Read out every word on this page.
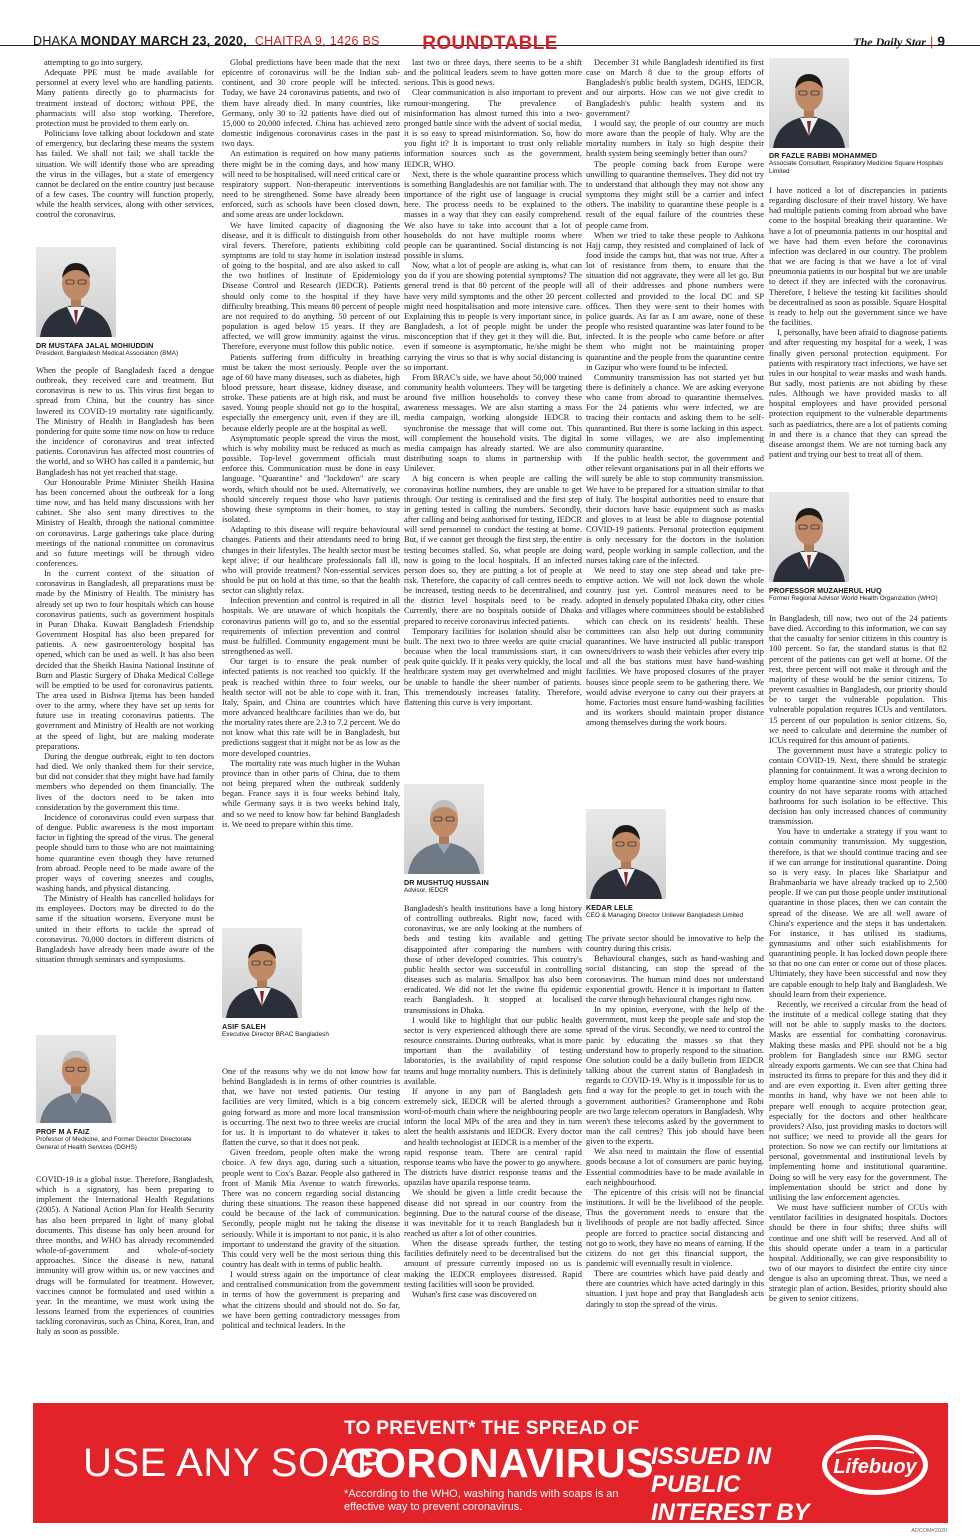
DHAKA MONDAY MARCH 23, 2020, CHAITRA 9, 1426 BS	ROUNDTABLE	The Daily Star | 9

attempting to go into surgery.

Adequate PPE must be made available for personnel at every level who are handling patients. Many patients directly go to pharmacists for treatment instead of doctors; without PPE, the pharmacists will also stop working. Therefore, protection must be provided to them early on.

Politicians love talking about lockdown and state of emergency, but declaring these means the system has failed. We shall not fail; we shall tackle the situation. We will identify those who are spreading the virus in the villages, but a state of emergency cannot be declared on the entire country just because of a few cases. The country will function properly, while the health services, along with other services, control the coronavirus.

DR MUSTAFA JALAL MOHIUDDIN
President, Bangladesh Medical Association (BMA)

When the people of Bangladesh faced a dengue outbreak, they received care and treatment. But coronavirus is new to us. This virus first began to spread from China, but the country has since lowered its COVID-19 mortality rate significantly. The Ministry of Health in Bangladesh has been pondering for quite some time now on how to reduce the incidence of coronavirus and treat infected patients. Coronavirus has affected most countries of the world, and so WHO has called it a pandemic, but Bangladesh has not yet reached that stage.

Our Honourable Prime Minister Sheikh Hasina has been concerned about the outbreak for a long time now, and has held many discussions with her cabinet. She also sent many directives to the Ministry of Health, through the national committee on coronavirus. Large gatherings take place during meetings of the national committee on coronavirus and so future meetings will be through video conferences.

In the current context of the situation of coronavirus in Bangladesh, all preparations must be made by the Ministry of Health. The ministry has already set up two to four hospitals which can house coronavirus patients, such as government hospitals in Puran Dhaka. Kuwait Bangladesh Friendship Government Hospital has also been prepared for patients. A new gastroenterology hospital has opened, which can be used as well. It has also been decided that the Sheikh Hasina National Institute of Burn and Plastic Surgery of Dhaka Medical College will be emptied to be used for coronavirus patients. The area used in Bishwa Ijtema has been handed over to the army, where they have set up tents for future use in treating coronavirus patients. The government and Ministry of Health are not working at the speed of light, but are making moderate preparations.

During the dengue outbreak, eight to ten doctors had died. We only thanked them for their service, but did not consider that they might have had family members who depended on them financially. The lives of the doctors need to be taken into consideration by the government this time.

Incidence of coronavirus could even surpass that of dengue. Public awareness is the most important factor in fighting the spread of the virus. The general people should turn to those who are not maintaining home quarantine even though they have returned from abroad. People need to be made aware of the proper ways of covering sneezes and coughs, washing hands, and physical distancing.

The Ministry of Health has cancelled holidays for its employees. Doctors may be directed to do the same if the situation worsens. Everyone must be united in their efforts to tackle the spread of coronavirus. 70,000 doctors in different districts of Bangladesh have already been made aware of the situation through seminars and symposiums.

PROF M A FAIZ
Professor of Medicine, and Former Director Directorate General of Health Services (DGHS)

COVID-19 is a global issue. Therefore, Bangladesh, which is a signatory, has been preparing to implement the International Health Regulations (2005). A National Action Plan for Health Security has also been prepared in light of many global documents. This disease has only been around for three months, and WHO has already recommended whole-of-government and whole-of-society approaches. Since the disease is new, natural immunity will grow within us, or new vaccines and drugs will be formulated for treatment. However, vaccines cannot be formulated and used within a year. In the meantime, we must work using the lessons learned from the experiences of countries tackling coronavirus, such as China, Korea, Iran, and Italy as soon as possible.

Global predictions have been made that the next epicentre of coronavirus will be the Indian sub-continent, and 30 crore people will be infected. Today, we have 24 coronavirus patients, and two of them have already died. In many countries, like Germany, only 30 to 32 patients have died out of 15,000 to 20,000 infected. China has achieved zero domestic indigenous coronavirus cases in the past two days.

An estimation is required on how many patients there might be in the coming days, and how many will need to be hospitalised, will need critical care or respiratory support. Non-therapeutic interventions need to be strengthened. Some have already been enforced, such as schools have been closed down, and some areas are under lockdown.

We have limited capacity of diagnosing the disease, and it is difficult to distinguish from other viral fevers. Therefore, patients exhibiting cold symptoms are told to stay home in isolation instead of going to the hospital, and are also asked to call the two hotlines of Institute of Epidemiology Disease Control and Research (IEDCR). Patients should only come to the hospital if they have difficulty breathing. This means 80 percent of people are not required to do anything. 50 percent of our population is aged below 15 years. If they are affected, we will grow immunity against the virus. Therefore, everyone must follow this public notice.

Patients suffering from difficulty in breathing must be taken the most seriously. People over the age of 60 have many diseases, such as diabetes, high blood pressure, heart disease, kidney disease, and stroke. These patients are at high risk, and must be saved. Young people should not go to the hospital, especially the emergency unit, even if they are ill, because elderly people are at the hospital as well.

Asymptomatic people spread the virus the most, which is why mobility must be reduced as much as possible. Top-level government officials must enforce this. Communication must be done in easy language. "Quarantine" and "lockdown" are scary words, which should not be used. Alternatively, we should sincerely request those who have patients showing these symptoms in their homes, to stay isolated.

Adapting to this disease will require behavioural changes. Patients and their attendants need to bring changes in their lifestyles. The health sector must be kept alive; if our healthcare professionals fall ill, who will provide treatment? Non-essential services should be put on hold at this time, so that the health sector can slightly relax.

Infection prevention and control is required in all hospitals. We are unaware of which hospitals the coronavirus patients will go to, and so the essential requirements of infection prevention and control must be fulfilled. Community engagement must be strengthened as well.

Our target is to ensure the peak number of infected patients is not reached too quickly. If the peak is reached within three to four weeks, our health sector will not be able to cope with it. Iran, Italy, Spain, and China are countries which have more advanced healthcare facilities than we do, but the mortality rates there are 2.3 to 7.2 percent. We do not know what this rate will be in Bangladesh, but predictions suggest that it might not be as low as the more developed countries.

The mortality rate was much higher in the Wuhan province than in other parts of China, due to them not being prepared when the outbreak suddenly began. France says it is four weeks behind Italy, while Germany says it is two weeks behind Italy, and so we need to know how far behind Bangladesh is. We need to prepare within this time.

ASIF SALEH
Executive Director BRAC Bangladesh

One of the reasons why we do not know how far behind Bangladesh is in terms of other countries is that, we have not tested patients. Our testing facilities are very limited, which is a big concern going forward as more and more local transmission is occurring. The next two to three weeks are crucial for us. It is important to do whatever it takes to flatten the curve, so that it does not peak.

Given freedom, people often make the wrong choice. A few days ago, during such a situation, people went to Cox's Bazar. People also gathered in front of Manik Mia Avenue to watch fireworks. There was no concern regarding social distancing during these situations. The reason these happened could be because of the lack of communication. Secondly, people might not be taking the disease seriously. While it is important to not panic, it is also important to understand the gravity of the situation. This could very well be the most serious thing this country has dealt with in terms of public health.

I would stress again on the importance of clear and centralised communication from the government in terms of how the government is preparing and what the citizens should and should not do. So far, we have been getting contradictory messages from political and technical leaders. In the

last two or three days, there seems to be a shift and the political leaders seem to have gotten more serious. This is good news.

Clear communication is also important to prevent rumour-mongering. The prevalence of misinformation has almost turned this into a two-pronged battle since with the advent of social media, it is so easy to spread misinformation. So, how do you fight it? It is important to trust only reliable information sources such as the government, IEDCR, WHO.

Next, there is the whole quarantine process which is something Bangladeshis are not familiar with. The importance of the right use of language is crucial here. The process needs to be explained to the masses in a way that they can easily comprehend. We also have to take into account that a lot of households do not have multiple rooms where people can be quarantined. Social distancing is not possible in slums.

Now, what a lot of people are asking is, what can you do if you are showing potential symptoms? The general trend is that 80 percent of the people will have very mild symptoms and the other 20 percent might need hospitalisation and more intensive care. Explaining this to people is very important since, in Bangladesh, a lot of people might be under the misconception that if they get it they will die. But, even if someone is asymptomatic, he/she might be carrying the virus so that is why social distancing is so important.

From BRAC's side, we have about 50,000 trained community health volunteers. They will be targeting around five million households to convey these awareness messages. We are also starting a mass media campaign, working alongside IEDCR to synchronise the message that will come out. This will complement the household visits. The digital media campaign has already started. We are also distributing soaps to slums in partnership with Unilever.

A big concern is when people are calling the coronavirus hotline numbers, they are unable to get through. Our testing is centralised and the first step in getting tested is calling the numbers. Secondly, after calling and being authorised for testing, IEDCR will send personnel to conduct the testing at home. But, if we cannot get through the first step, the entire testing becomes stalled. So, what people are doing now is going to the local hospitals. If an infected person does so, they are putting a lot of people at risk. Therefore, the capacity of call centres needs to be increased, testing needs to be decentralised, and the district level hospitals need to be ready. Currently, there are no hospitals outside of Dhaka prepared to receive coronavirus infected patients.

Temporary facilities for isolation should also be built. The next two to three weeks are quite crucial because when the local transmissions start, it can peak quite quickly. If it peaks very quickly, the local healthcare system may get overwhelmed and might be unable to handle the sheer number of patients. This tremendously increases fatality. Therefore, flattening this curve is very important.

DR MUSHTUQ HUSSAIN
Advisor, IEDCR

Bangladesh's health institutions have a long history of controlling outbreaks. Right now, faced with coronavirus, we are only looking at the numbers of beds and testing kits available and getting disappointed after comparing the numbers with those of other developed countries. This country's public health sector was successful in controlling diseases such as malaria. Smallpox has also been eradicated. We did not let the swine flu epidemic reach Bangladesh. It stopped at localised transmissions in Dhaka.

I would like to highlight that our public health sector is very experienced although there are some resource constraints. During outbreaks, what is more important than the availability of testing laboratories, is the availability of rapid response teams and huge mortality numbers. This is definitely available.

If anyone in any part of Bangladesh gets extremely sick, IEDCR will be alerted through a word-of-mouth chain where the neighbouring people inform the local MPs of the area and they in turn alert the health assistants and IEDCR. Every doctor and health technologist at IEDCR is a member of the rapid response team. There are central rapid response teams who have the power to go anywhere. The districts have district response teams and the upazilas have upazila response teams.

We should be given a little credit because the disease did not spread in our country from the beginning. Due to the natural course of the disease, it was inevitable for it to reach Bangladesh but it reached us after a lot of other countries.

When the disease spreads further, the testing facilities definitely need to be decentralised but the amount of pressure currently imposed on us is making the IEDCR employees distressed. Rapid testing facilities will soon be provided.

Wuhan's first case was discovered on

December 31 while Bangladesh identified its first case on March 8 due to the group efforts of Bangladesh's public health system, DGHS, IEDCR, and our airports. How can we not give credit to Bangladesh's public health system and its government?

I would say, the people of our country are much more aware than the people of Italy. Why are the mortality numbers in Italy so high despite their health system being seemingly better than ours?

The people coming back from Europe were unwilling to quarantine themselves. They did not try to understand that although they may not show any symptoms they might still be a carrier and infect others. The inability to quarantine these people is a result of the equal failure of the countries these people came from.

When we tried to take these people to Ashkona Hajj camp, they resisted and complained of lack of food inside the camps but, that was not true. After a lot of resistance from them, to ensure that the situation did not aggravate, they were all let go. But all of their addresses and phone numbers were collected and provided to the local DC and SP offices. Then they were sent to their homes with police guards. As far as I am aware, none of these people who resisted quarantine was later found to be infected. It is the people who came before or after them who might not be maintaining proper quarantine and the people from the quarantine centre in Gazipur who were found to be infected.

Community transmission has not started yet but there is definitely a chance. We are asking everyone who came from abroad to quarantine themselves. For the 24 patients who were infected, we are tracing their contacts and asking them to be self-quarantined. But there is some lacking in this aspect. In some villages, we are also implementing community quarantine.

If the public health sector, the government and other relevant organisations put in all their efforts we will surely be able to stop community transmission. We have to be prepared for a situation similar to that of Italy. The hospital authorities need to ensure that their doctors have basic equipment such as masks and gloves to at least be able to diagnose potential COVID-19 patients. Personal protection equipment is only necessary for the doctors in the isolation ward, people working in sample collection, and the nurses taking care of the infected.

We need to stay one step ahead and take pre-emptive action. We will not lock down the whole country just yet. Control measures need to be adopted in densely populated Dhaka city, other cities and villages where committees should be established which can check on its residents' health. These committees can also help out during community quarantines. We have instructed all public transport owners/drivers to wash their vehicles after every trip and all the bus stations must have hand-washing facilities. We have proposed closures of the prayer houses since people seem to be gathering there. We would advise everyone to carry out their prayers at home. Factories must ensure hand-washing facilities and its workers should maintain proper distance among themselves during the work hours.

KEDAR LELE
CEO & Managing Director Unilever Bangladesh Limited

The private sector should be innovative to help the country during this crisis.

Behavioural changes, such as hand-washing and social distancing, can stop the spread of the coronavirus. The human mind does not understand exponential growth. Hence it is important to flatten the curve through behavioural changes right now.

In my opinion, everyone, with the help of the government, must keep the people safe and stop the spread of the virus. Secondly, we need to control the panic by educating the masses so that they understand how to properly respond to the situation. One solution could be a daily bulletin from IEDCR talking about the current status of Bangladesh in regards to COVID-19. Why is it impossible for us to find a way for the people to get in touch with the government authorities? Grameenphone and Robi are two large telecom operators in Bangladesh. Why weren't these telecoms asked by the government to man the call centres? This job should have been given to the experts.

We also need to maintain the flow of essential goods because a lot of consumers are panic buying. Essential commodities have to be made available in each neighbourhood.

The epicentre of this crisis will not be financial institutions. It will be the livelihood of the people. Thus the government needs to ensure that the livelihoods of people are not badly affected. Since people are forced to practice social distancing and not go to work, they have no means of earning. If the citizens do not get this financial support, the pandemic will eventually result in violence.

There are countries which have paid dearly and there are countries which have acted daringly in this situation. I just hope and pray that Bangladesh acts daringly to stop the spread of the virus.

DR FAZLE RABBI MOHAMMED
Associate Consultant, Respiratory Medicine Square Hospitals Limited

I have noticed a lot of discrepancies in patients regarding disclosure of their travel history. We have had multiple patients coming from abroad who have come to the hospital breaking their quarantine. We have a lot of pneumonia patients in our hospital and we have had them even before the coronavirus infection was declared in our country. The problem that we are facing is that we have a lot of viral pneumonia patients in our hospital but we are unable to detect if they are infected with the coronavirus. Therefore, I believe the testing kit facilities should be decentralised as soon as possible. Square Hospital is ready to help out the government since we have the facilities.

I, personally, have been afraid to diagnose patients and after requesting my hospital for a week, I was finally given personal protection equipment. For patients with respiratory tract infections, we have set rules in our hospital to wear masks and wash hands. But sadly, most patients are not abiding by these rules. Although we have provided masks to all hospital employees and have provided personal protection equipment to the vulnerable departments such as paediatrics, there are a lot of patients coming in and there is a chance that they can spread the disease amongst them. We are not turning back any patient and trying our best to treat all of them.

PROFESSOR MUZAHERUL HUQ
Former Regional Advisor World Health Organization (WHO)

In Bangladesh, till now, two out of the 24 patients have died. According to this information, we can say that the casualty for senior citizens in this country is 100 percent. So far, the standard status is that 82 percent of the patients can get well at home. Of the rest, three percent will not make it through and the majority of these would be the senior citizens. To prevent casualties in Bangladesh, our priority should be to target the vulnerable population. This vulnerable population requires ICUs and ventilators. 15 percent of our population is senior citizens. So, we need to calculate and determine the number of ICUs required for this amount of patients.

The government must have a strategic policy to contain COVID-19. Next, there should be strategic planning for containment. It was a wrong decision to employ home quarantine since most people in the country do not have separate rooms with attached bathrooms for such isolation to be effective. This decision has only increased chances of community transmission.

You have to undertake a strategy if you want to contain community transmission. My suggestion, therefore, is that we should continue tracing and see if we can arrange for institutional quarantine. Doing so is very easy. In places like Shariatpur and Brahmanbaria we have already tracked up to 2,500 people. If we can put those people under institutional quarantine in those places, then we can contain the spread of the disease. We are all well aware of China's experience and the steps it has undertaken. For instance, it has utilised its stadiums, gymnasiums and other such establishments for quarantining people. It has locked down people there so that no one can enter or come out of those places. Ultimately, they have been successful and now they are capable enough to help Italy and Bangladesh. We should learn from their experience.

Recently, we received a circular from the head of the institute of a medical college stating that they will not be able to supply masks to the doctors. Masks are essential for combatting coronavirus. Making these masks and PPE should not be a big problem for Bangladesh since our RMG sector already exports garments. We can see that China had instructed its firms to prepare for this and they did it and are even exporting it. Even after getting three months in hand, why have we not been able to prepare well enough to acquire protection gear, especially for the doctors and other healthcare providers? Also, just providing masks to doctors will not suffice; we need to provide all the gears for protection. So now we can rectify our limitations at personal, governmental and institutional levels by implementing home and institutional quarantine. Doing so will be very easy for the government. The implementation should be strict and done by utilising the law enforcement agencies.

We must have sufficient number of CCUs with ventilator facilities in designated hospitals. Doctors should be there in four shifts; three shifts will continue and one shift will be reserved. And all of this should operate under a team in a particular hospital. Additionally, we can give responsibility to two of our mayors to disinfect the entire city since dengue is also an upcoming threat. Thus, we need a strategic plan of action. Besides, priority should also be given to senior citizens.

USE ANY SOAP
TO PREVENT* THE SPREAD OF
CORONAVIRUS
*According to the WHO, washing hands with soaps is an effective way to prevent coronavirus.
ISSUED IN PUBLIC INTEREST BY
Lifebuoy
ADCOM#2020
